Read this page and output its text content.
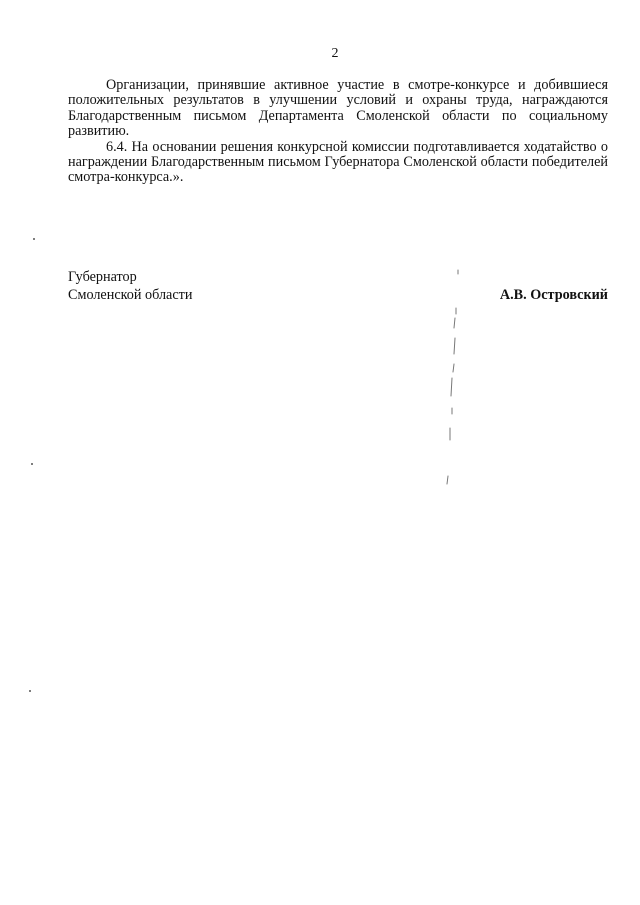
2

Организации, принявшие активное участие в смотре-конкурсе и добившиеся положительных результатов в улучшении условий и охраны труда, награждаются Благодарственным письмом Департамента Смоленской области по социальному развитию.

6.4. На основании решения конкурсной комиссии подготавливается ходатайство о награждении Благодарственным письмом Губернатора Смоленской области победителей смотра-конкурса.».

Губернатор
Смоленской области	А.В. Островский
